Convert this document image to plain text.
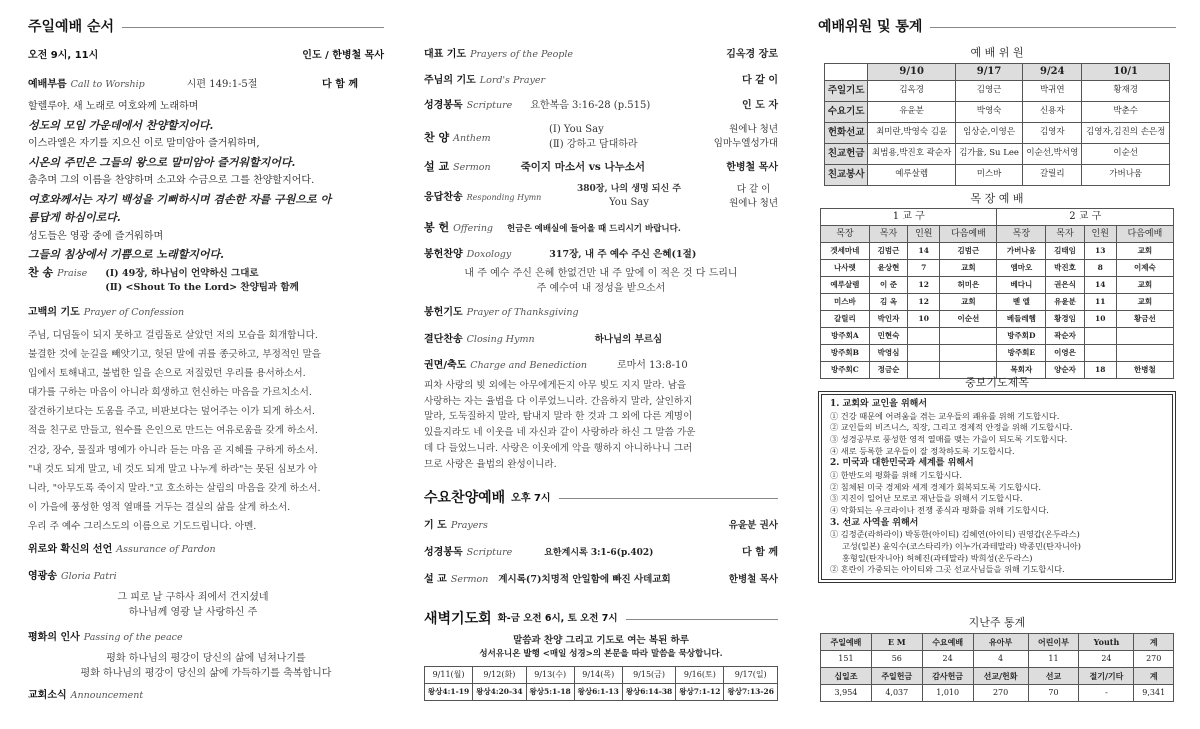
주일예배 순서
오전 9시, 11시	인도 / 한병철 목사
예배부름 Call to Worship	시편 149:1-5절	다 함 께
할렐루야. 새 노래로 여호와께 노래하며
성도의 모임 가운데에서 찬양할지어다.
이스라엘은 자기를 지으신 이로 말미암아 즐거워하며,
시온의 주민은 그들의 왕으로 말미암아 즐거워할지어다.
춤추며 그의 이름을 찬양하며 소고와 수금으로 그를 찬양할지어다.
여호와께서는 자기 백성을 기뻐하시며 겸손한 자를 구원으로 아
름답게 하심이로다.
성도들은 영광 중에 즐거워하며
그들의 침상에서 기쁨으로 노래할지어다.
찬 송 Praise (Ⅰ) 49장, 하나님이 언약하신 그대로
(Ⅱ) <Shout To the Lord> 찬양팀과 함께
고백의 기도 Prayer of Confession
주님, 디딤돌이 되지 못하고 걸림돌로 살았던 저의 모습을 회개합니다.
불결한 것에 눈길을 빼앗기고, 헛된 말에 귀를 종긋하고, 부정적인 말을
입에서 토해내고, 불법한 일을 손으로 저질렀던 우리를 용서하소서.
대가를 구하는 마음이 아니라 희생하고 헌신하는 마음을 가르치소서.
잘견하기보다는 도움을 주고, 비판보다는 덮어주는 이가 되게 하소서.
적을 친구로 만들고, 원수를 은인으로 만드는 여유로움을 갖게 하소서.
건강, 장수, 물질과 명예가 아니라 듣는 마음 곧 지혜를 구하게 하소서.
"내 것도 되게 말고, 네 것도 되게 말고 나누게 하라"는 못된 심보가 아
니라, "아무도록 죽이지 말라."고 호소하는 살림의 마음을 갖게 하소서.
이 가을에 풍성한 영적 열매를 거두는 결실의 삶을 살게 하소서.
우리 주 예수 그리스도의 이름으로 기도드립니다. 아멘.
위로와 확신의 선언 Assurance of Pardon
영광송 Gloria Patri
그 피로 날 구하사 죄에서 건지셨네
하나님께 영광 날 사랑하신 주
평화의 인사 Passing of the peace
평화 하나님의 평강이 당신의 삶에 넘쳐나기를
평화 하나님의 평강이 당신의 삶에 가득하기를 축복합니다
교회소식 Announcement
대표 기도 Prayers of the People	김옥경 장로
주님의 기도 Lord's Prayer	다 같 이
성경봉독 Scripture 요한복음 3:16-28 (p.515)	인 도 자
찬 양 Anthem
(Ⅰ) You Say
(Ⅱ) 강하고 담대하라
원에나 청년
임마누엘성가대
설 교 Sermon	죽이지 마소서 vs 나누소서	한병철 목사
응답찬송 Responding Hymn
380장, 나의 생명 되신 주
You Say
다 같 이
원에나 청년
봉 헌 Offering 헌금은 예배실에 들어올 때 드리시기 바랍니다.
봉헌찬양 Doxology	317장, 내 주 예수 주신 은혜(1절)
내 주 예수 주신 은혜 한없건만 내 주 앞에 이 적은 것 다 드리니
주 예수여 내 정성을 받으소서
봉헌기도 Prayer of Thanksgiving
결단찬송 Closing Hymn	하나님의 부르심
권면/축도 Charge and Benediction	로마서 13:8-10
피차 사랑의 빚 외에는 아무에게든지 아무 빚도 지지 말라. 남을
사랑하는 자는 율법을 다 이루었느니라. 간음하지 말라, 살인하지
말라, 도둑질하지 말라, 탐내지 말라 한 것과 그 외에 다른 계명이
있을지라도 네 이웃을 네 자신과 같이 사랑하라 하신 그 말씀 가운
데 다 들었느니라. 사랑은 이웃에게 악을 행하지 아니하나니 그러
므로 사랑은 율법의 완성이니라.
수요찬양예배 오후 7시
기 도 Prayers	유윤분 권사
성경봉독 Scripture	요한계시록 3:1-6(p.402)	다 함 께
설 교 Sermon 계시록(7)치명적 안일함에 빠진 사데교회	한병철 목사
새벽기도회 화-금 오전 6시, 토 오전 7시
말씀과 찬양 그리고 기도로 여는 복된 하루
성서유니온 발행 <매일 성경>의 본문을 따라 말씀을 묵상합니다.
9/11(월)	9/12(화)	9/13(수)	9/14(목)	9/15(금)	9/16(토)	9/17(일)
왕상4:1-19	왕상4:20-34	왕상5:1-18	왕상6:1-13	왕상6:14-38	왕상7:1-12	왕상7:13-26
예배위원 및 통계
예 배 위 원
	9/10	9/17	9/24	10/1
주일기도	김옥경	김영근	박귀연	황재경
수요기도	유윤분	박영숙	신용자	박춘수
헌화선교	최미란,박영숙 김윤	임상순,이영은	김영자	김영자,김진의 손은정
친교헌금	최범용,박진호 곽순자	김가율, Su Lee	이순선,박서영	이순선
친교봉사	예루살렘	미스바	갈릴리	가버나움
목 장 예 배
1 교 구				2 교 구			
목장	목자	인원	다음예배	목장	목자	인원	다음예배
겟세마네	김범근	14	김범근	가버나움	김태임	13	교회
나사렛	윤상현	7	교회	엠마오	박진호	8	이제숙
예루살렘	이 준	12	허미은	베다니	권은식	14	교회
미스바	김 옥	12	교회	벧 엘	유윤분	11	교회
갈릴리	박인자	10	이순선	베들레헴	황경임	10	황금선
방주회A	민현숙			방주회D	곽순자		
방주회B	박영심			방주회E	이영은		
방주회C	정금순			목회자	양순자	18	한병철
중보기도제목
1. 교회와 교인을 위해서
① 건강 때문에 어려움을 겪는 교우들의 쾌유를 위해 기도합시다.
② 교인들의 비즈니스, 직장, 그리고 경제적 안정을 위해 기도합시다.
③ 성경공부로 풍성한 영적 열매를 맺는 가을이 되도록 기도합시다.
④ 새로 등록한 교우들이 잘 정착하도록 기도합시다.
2. 미국과 대한민국과 세계를 위해서
① 한반도의 평화를 위해 기도합시다.
② 침체된 미국 경제와 세계 경제가 회복되도록 기도합시다.
③ 지진이 일어난 모로코 재난들을 위해서 기도합시다.
④ 악화되는 우크라이나 전쟁 종식과 평화를 위해 기도합시다.
3. 선교 사역을 위해서
① 김정준(라하라이) 박동한(아이티) 김혜연(아이티) 권영갑(온두라스)
고성(일본) 윤익수(코스타리카) 이누가(과테말라) 박종민(탄자니아)
홍형일(탄자니아) 허혜진(과테말라) 박희성(온두라스)
② 혼란이 가중되는 아이티와 그곳 선교사님들을 위해 기도합시다.
지난주 통계
주일예배	E M	수요예배	유아부	어린이부	Youth	계
151	56	24	4	11	24	270
십일조	주일헌금	감사헌금	선교/헌화	선교	절기/기타	계
3,954	4,037	1,010	270	70	-	9,341
